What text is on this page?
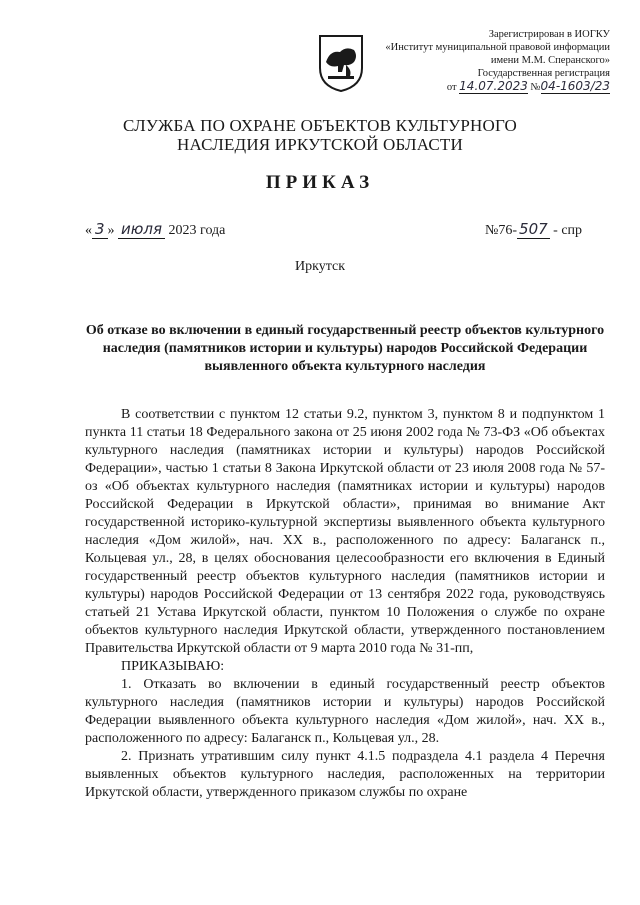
Зарегистрирован в ИОГКУ
«Институт муниципальной правовой информации
имени М.М. Сперанского»
Государственная регистрация
от 14.07.2023 №04-1603/23
СЛУЖБА ПО ОХРАНЕ ОБЪЕКТОВ КУЛЬТУРНОГО НАСЛЕДИЯ ИРКУТСКОЙ ОБЛАСТИ
ПРИКАЗ
« 3 » июля 2023 года	№76- 507 - спр
Иркутск
Об отказе во включении в единый государственный реестр объектов культурного наследия (памятников истории и культуры) народов Российской Федерации выявленного объекта культурного наследия

В соответствии с пунктом 12 статьи 9.2, пунктом 3, пунктом 8 и подпунктом 1 пункта 11 статьи 18 Федерального закона от 25 июня 2002 года № 73-ФЗ «Об объектах культурного наследия (памятниках истории и культуры) народов Российской Федерации», частью 1 статьи 8 Закона Иркутской области от 23 июля 2008 года № 57-оз «Об объектах культурного наследия (памятниках истории и культуры) народов Российской Федерации в Иркутской области», принимая во внимание Акт государственной историко-культурной экспертизы выявленного объекта культурного наследия «Дом жилой», нач. XX в., расположенного по адресу: Балаганск п., Кольцевая ул., 28, в целях обоснования целесообразности его включения в Единый государственный реестр объектов культурного наследия (памятников истории и культуры) народов Российской Федерации от 13 сентября 2022 года, руководствуясь статьей 21 Устава Иркутской области, пунктом 10 Положения о службе по охране объектов культурного наследия Иркутской области, утвержденного постановлением Правительства Иркутской области от 9 марта 2010 года № 31-пп,

ПРИКАЗЫВАЮ:

1. Отказать во включении в единый государственный реестр объектов культурного наследия (памятников истории и культуры) народов Российской Федерации выявленного объекта культурного наследия «Дом жилой», нач. XX в., расположенного по адресу: Балаганск п., Кольцевая ул., 28.

2. Признать утратившим силу пункт 4.1.5 подраздела 4.1 раздела 4 Перечня выявленных объектов культурного наследия, расположенных на территории Иркутской области, утвержденного приказом службы по охране
